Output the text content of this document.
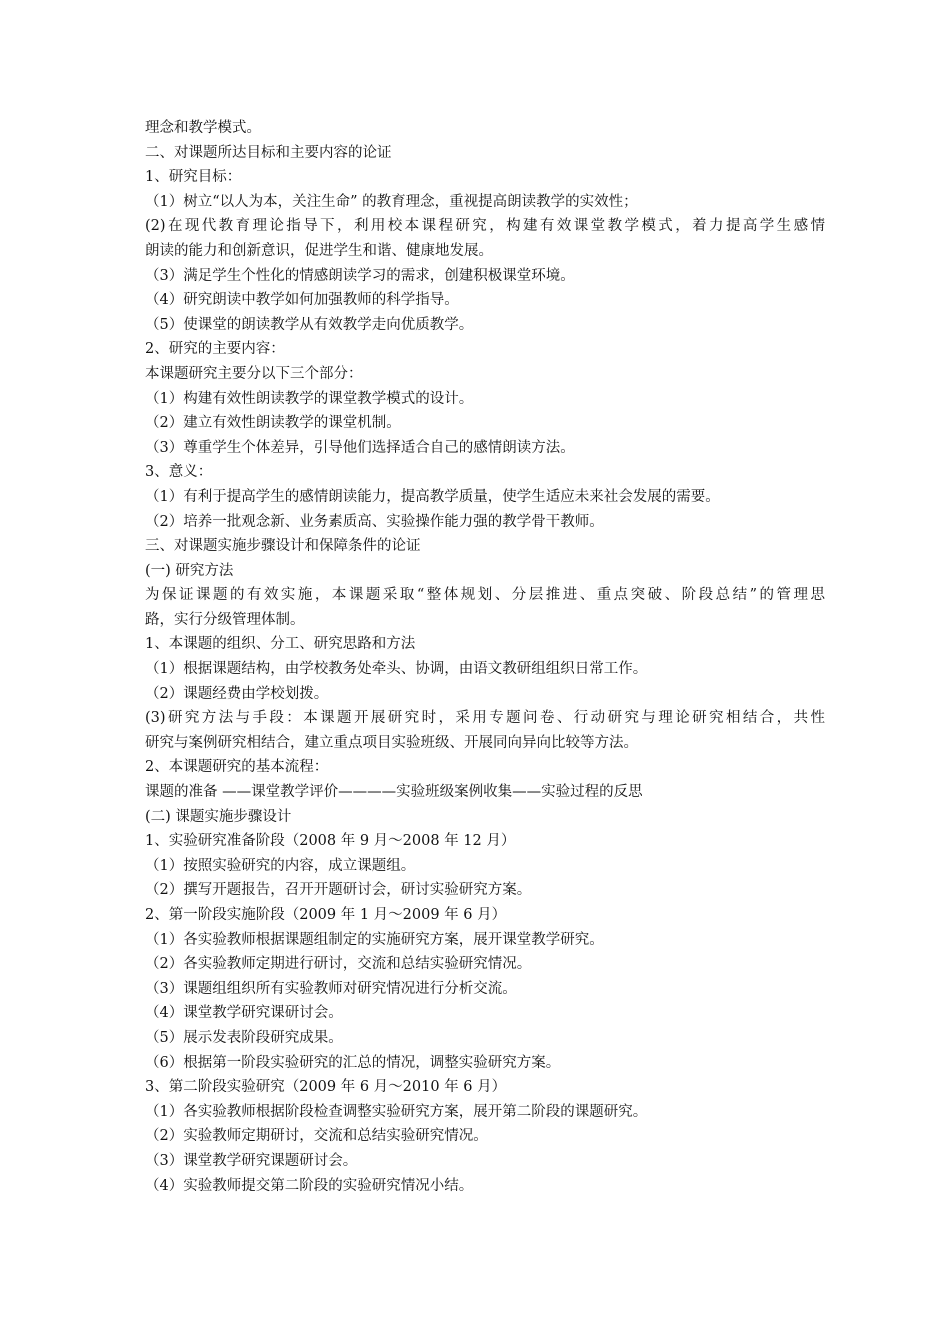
理念和教学模式。
二、对课题所达目标和主要内容的论证
1、研究目标：
（1）树立“以人为本，关注生命” 的教育理念，重视提高朗读教学的实效性；
(2)在现代教育理论指导下，利用校本课程研究，构建有效课堂教学模式，着力提高学生感情
朗读的能力和创新意识，促进学生和谐、健康地发展。
（3）满足学生个性化的情感朗读学习的需求，创建积极课堂环境。
（4）研究朗读中教学如何加强教师的科学指导。
（5）使课堂的朗读教学从有效教学走向优质教学。
2、研究的主要内容：
本课题研究主要分以下三个部分：
（1）构建有效性朗读教学的课堂教学模式的设计。
（2）建立有效性朗读教学的课堂机制。
（3）尊重学生个体差异，引导他们选择适合自己的感情朗读方法。
3、意义：
（1）有利于提高学生的感情朗读能力，提高教学质量，使学生适应未来社会发展的需要。
（2）培养一批观念新、业务素质高、实验操作能力强的教学骨干教师。
三、对课题实施步骤设计和保障条件的论证
(一) 研究方法
为保证课题的有效实施，本课题采取“整体规划、分层推进、重点突破、阶段总结”的管理思
路，实行分级管理体制。
1、本课题的组织、分工、研究思路和方法
（1）根据课题结构，由学校教务处牵头、协调，由语文教研组组织日常工作。
（2）课题经费由学校划拨。
(3)研究方法与手段：本课题开展研究时，采用专题问卷、行动研究与理论研究相结合，共性
研究与案例研究相结合，建立重点项目实验班级、开展同向异向比较等方法。
2、本课题研究的基本流程：
课题的准备 ——课堂教学评价————实验班级案例收集——实验过程的反思
(二) 课题实施步骤设计
1、实验研究准备阶段（2008 年 9 月～2008 年 12 月）
（1）按照实验研究的内容，成立课题组。
（2）撰写开题报告，召开开题研讨会，研讨实验研究方案。
2、第一阶段实施阶段（2009 年 1 月～2009 年 6 月）
（1）各实验教师根据课题组制定的实施研究方案，展开课堂教学研究。
（2）各实验教师定期进行研讨，交流和总结实验研究情况。
（3）课题组组织所有实验教师对研究情况进行分析交流。
（4）课堂教学研究课研讨会。
（5）展示发表阶段研究成果。
（6）根据第一阶段实验研究的汇总的情况，调整实验研究方案。
3、第二阶段实验研究（2009 年 6 月～2010 年 6 月）
（1）各实验教师根据阶段检查调整实验研究方案，展开第二阶段的课题研究。
（2）实验教师定期研讨，交流和总结实验研究情况。
（3）课堂教学研究课题研讨会。
（4）实验教师提交第二阶段的实验研究情况小结。
